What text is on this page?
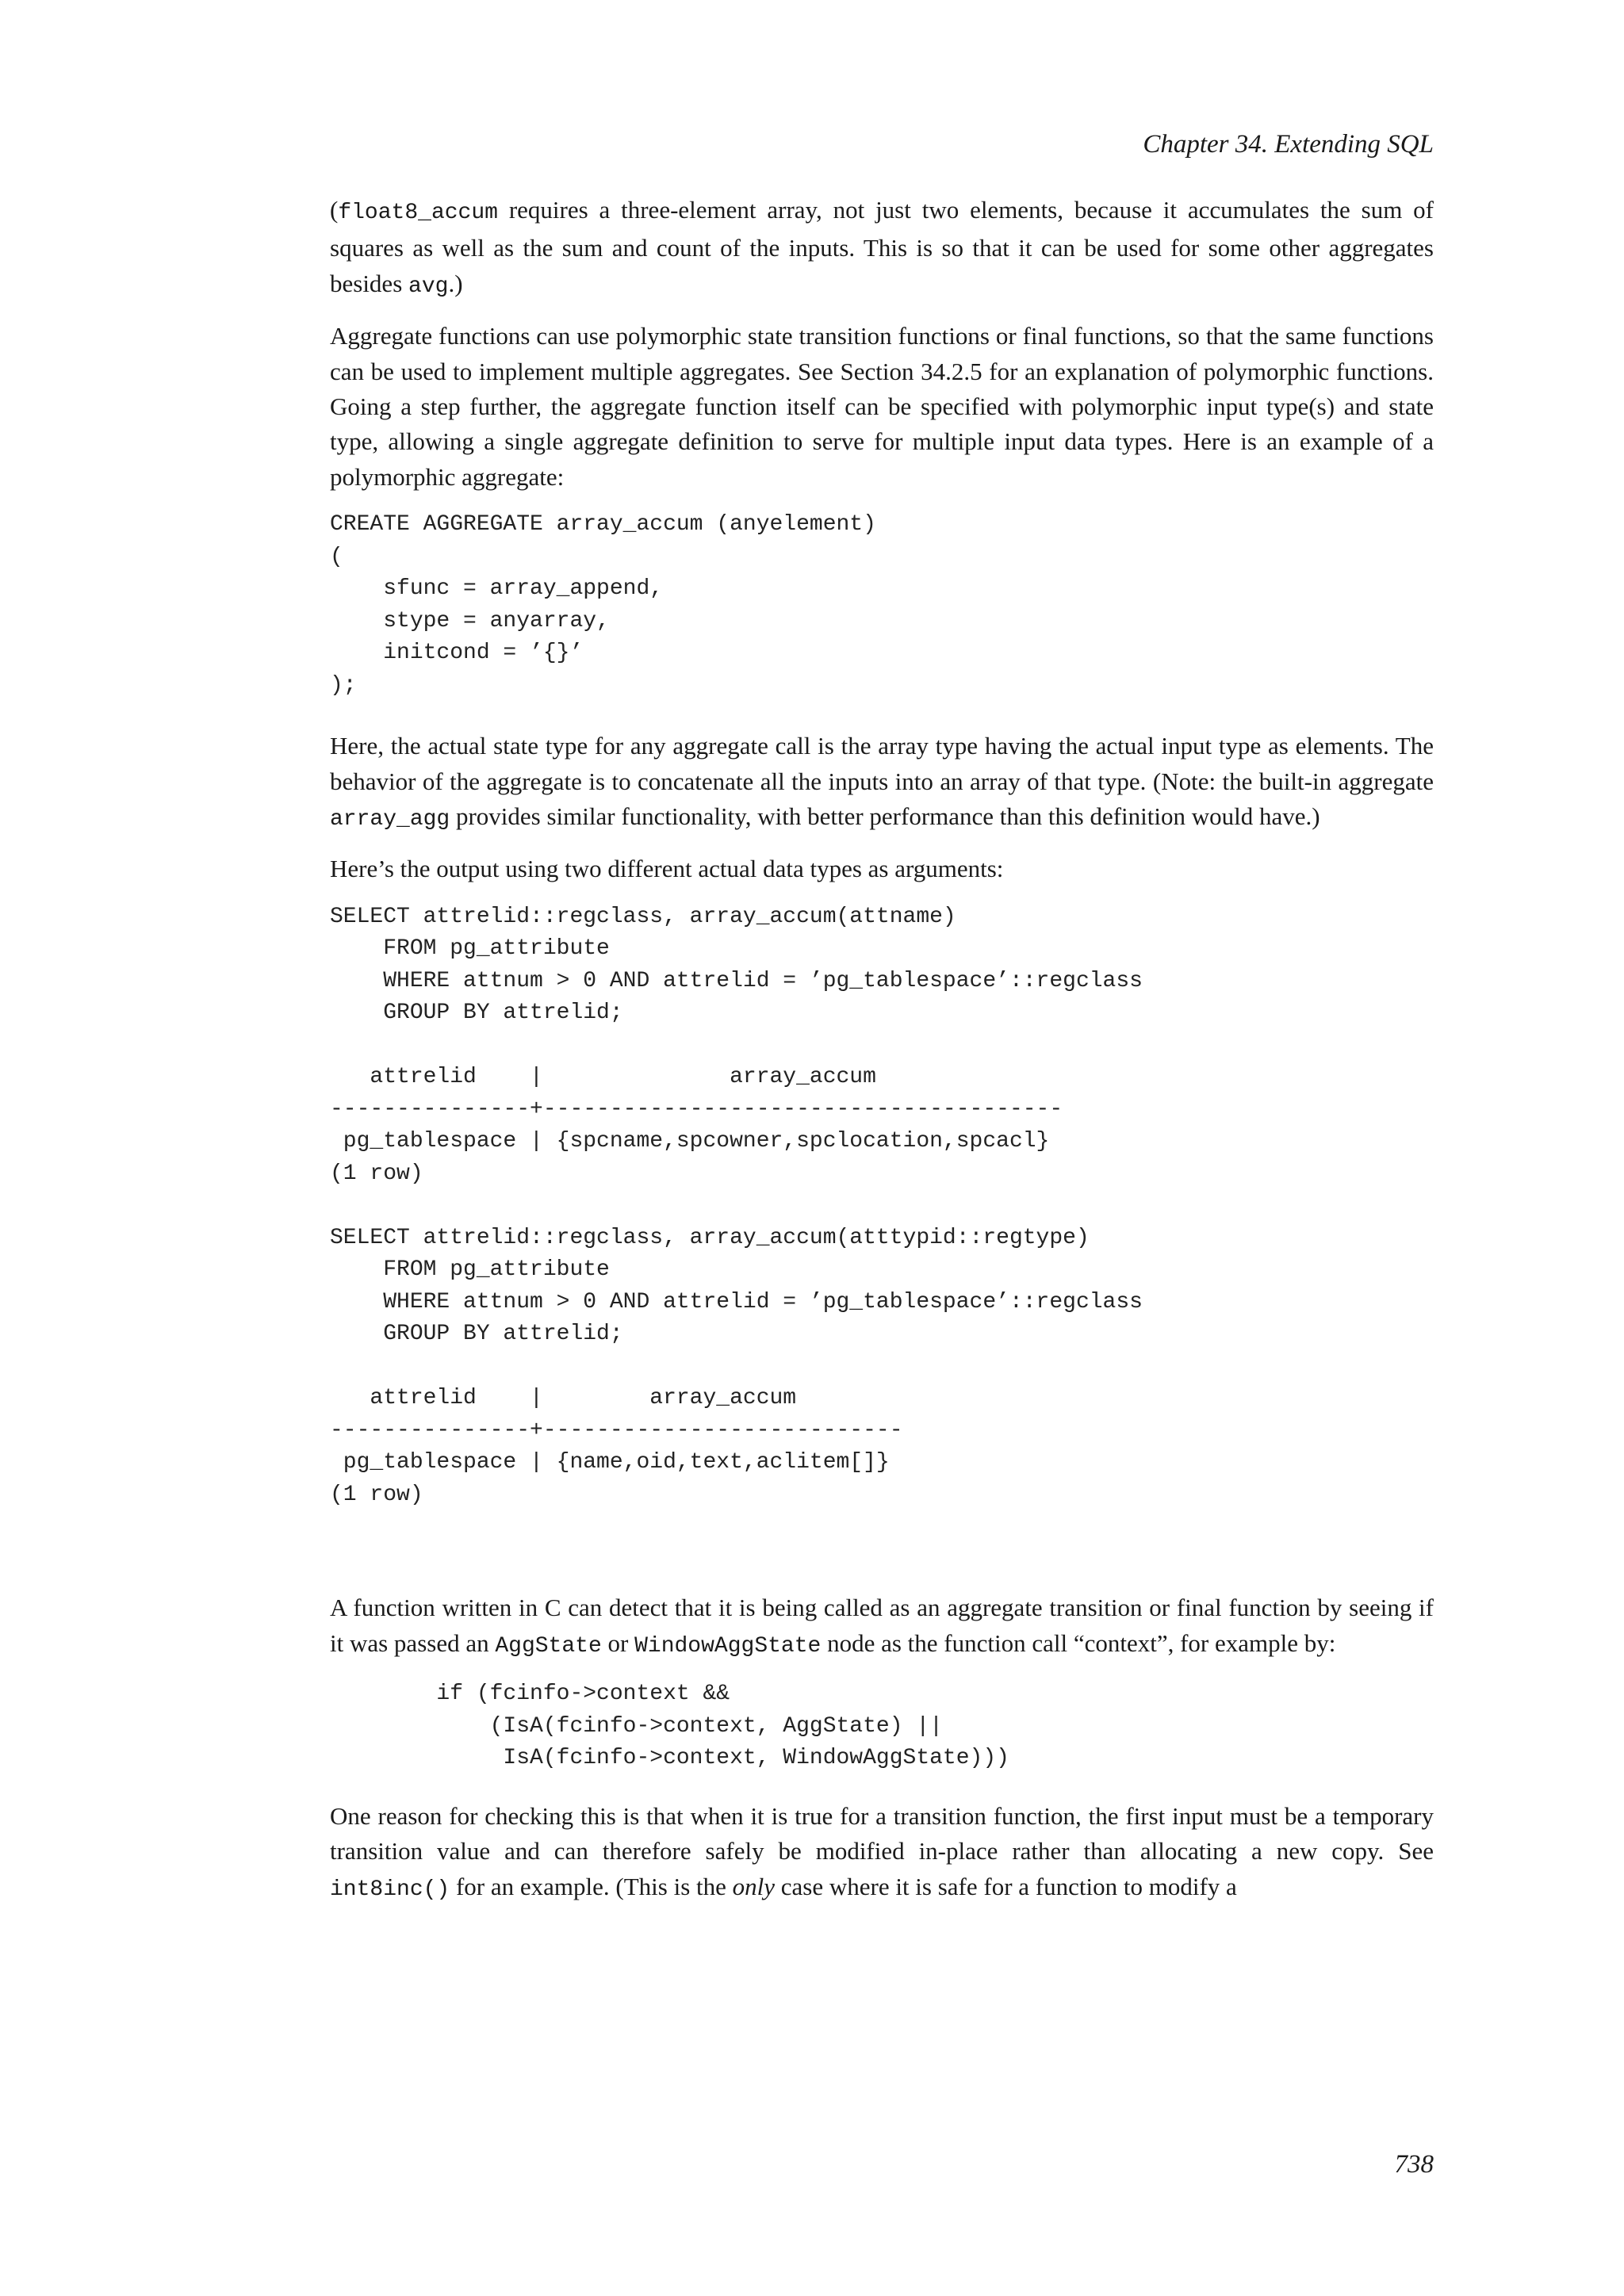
Chapter 34. Extending SQL

(float8_accum requires a three-element array, not just two elements, because it accumulates the sum of squares as well as the sum and count of the inputs. This is so that it can be used for some other aggregates besides avg.)

Aggregate functions can use polymorphic state transition functions or final functions, so that the same functions can be used to implement multiple aggregates. See Section 34.2.5 for an explanation of polymorphic functions. Going a step further, the aggregate function itself can be specified with polymorphic input type(s) and state type, allowing a single aggregate definition to serve for multiple input data types. Here is an example of a polymorphic aggregate:

CREATE AGGREGATE array_accum (anyelement)
(
sfunc = array_append,
stype = anyarray,
initcond = ’{}’
);

Here, the actual state type for any aggregate call is the array type having the actual input type as elements. The behavior of the aggregate is to concatenate all the inputs into an array of that type. (Note: the built-in aggregate array_agg provides similar functionality, with better performance than this definition would have.)

Here’s the output using two different actual data types as arguments:

SELECT attrelid::regclass, array_accum(attname)
FROM pg_attribute
WHERE attnum > 0 AND attrelid = ’pg_tablespace’::regclass
GROUP BY attrelid;

attrelid    |              array_accum
---------------+---------------------------------------
pg_tablespace | {spcname,spcowner,spclocation,spcacl}
(1 row)

SELECT attrelid::regclass, array_accum(atttypid::regtype)
FROM pg_attribute
WHERE attnum > 0 AND attrelid = ’pg_tablespace’::regclass
GROUP BY attrelid;

attrelid    |        array_accum
---------------+---------------------------
pg_tablespace | {name,oid,text,aclitem[]}
(1 row)

A function written in C can detect that it is being called as an aggregate transition or final function by seeing if it was passed an AggState or WindowAggState node as the function call “context”, for example by:

if (fcinfo->context &&
(IsA(fcinfo->context, AggState) ||
IsA(fcinfo->context, WindowAggState)))

One reason for checking this is that when it is true for a transition function, the first input must be a temporary transition value and can therefore safely be modified in-place rather than allocating a new copy. See int8inc() for an example. (This is the only case where it is safe for a function to modify a

738
